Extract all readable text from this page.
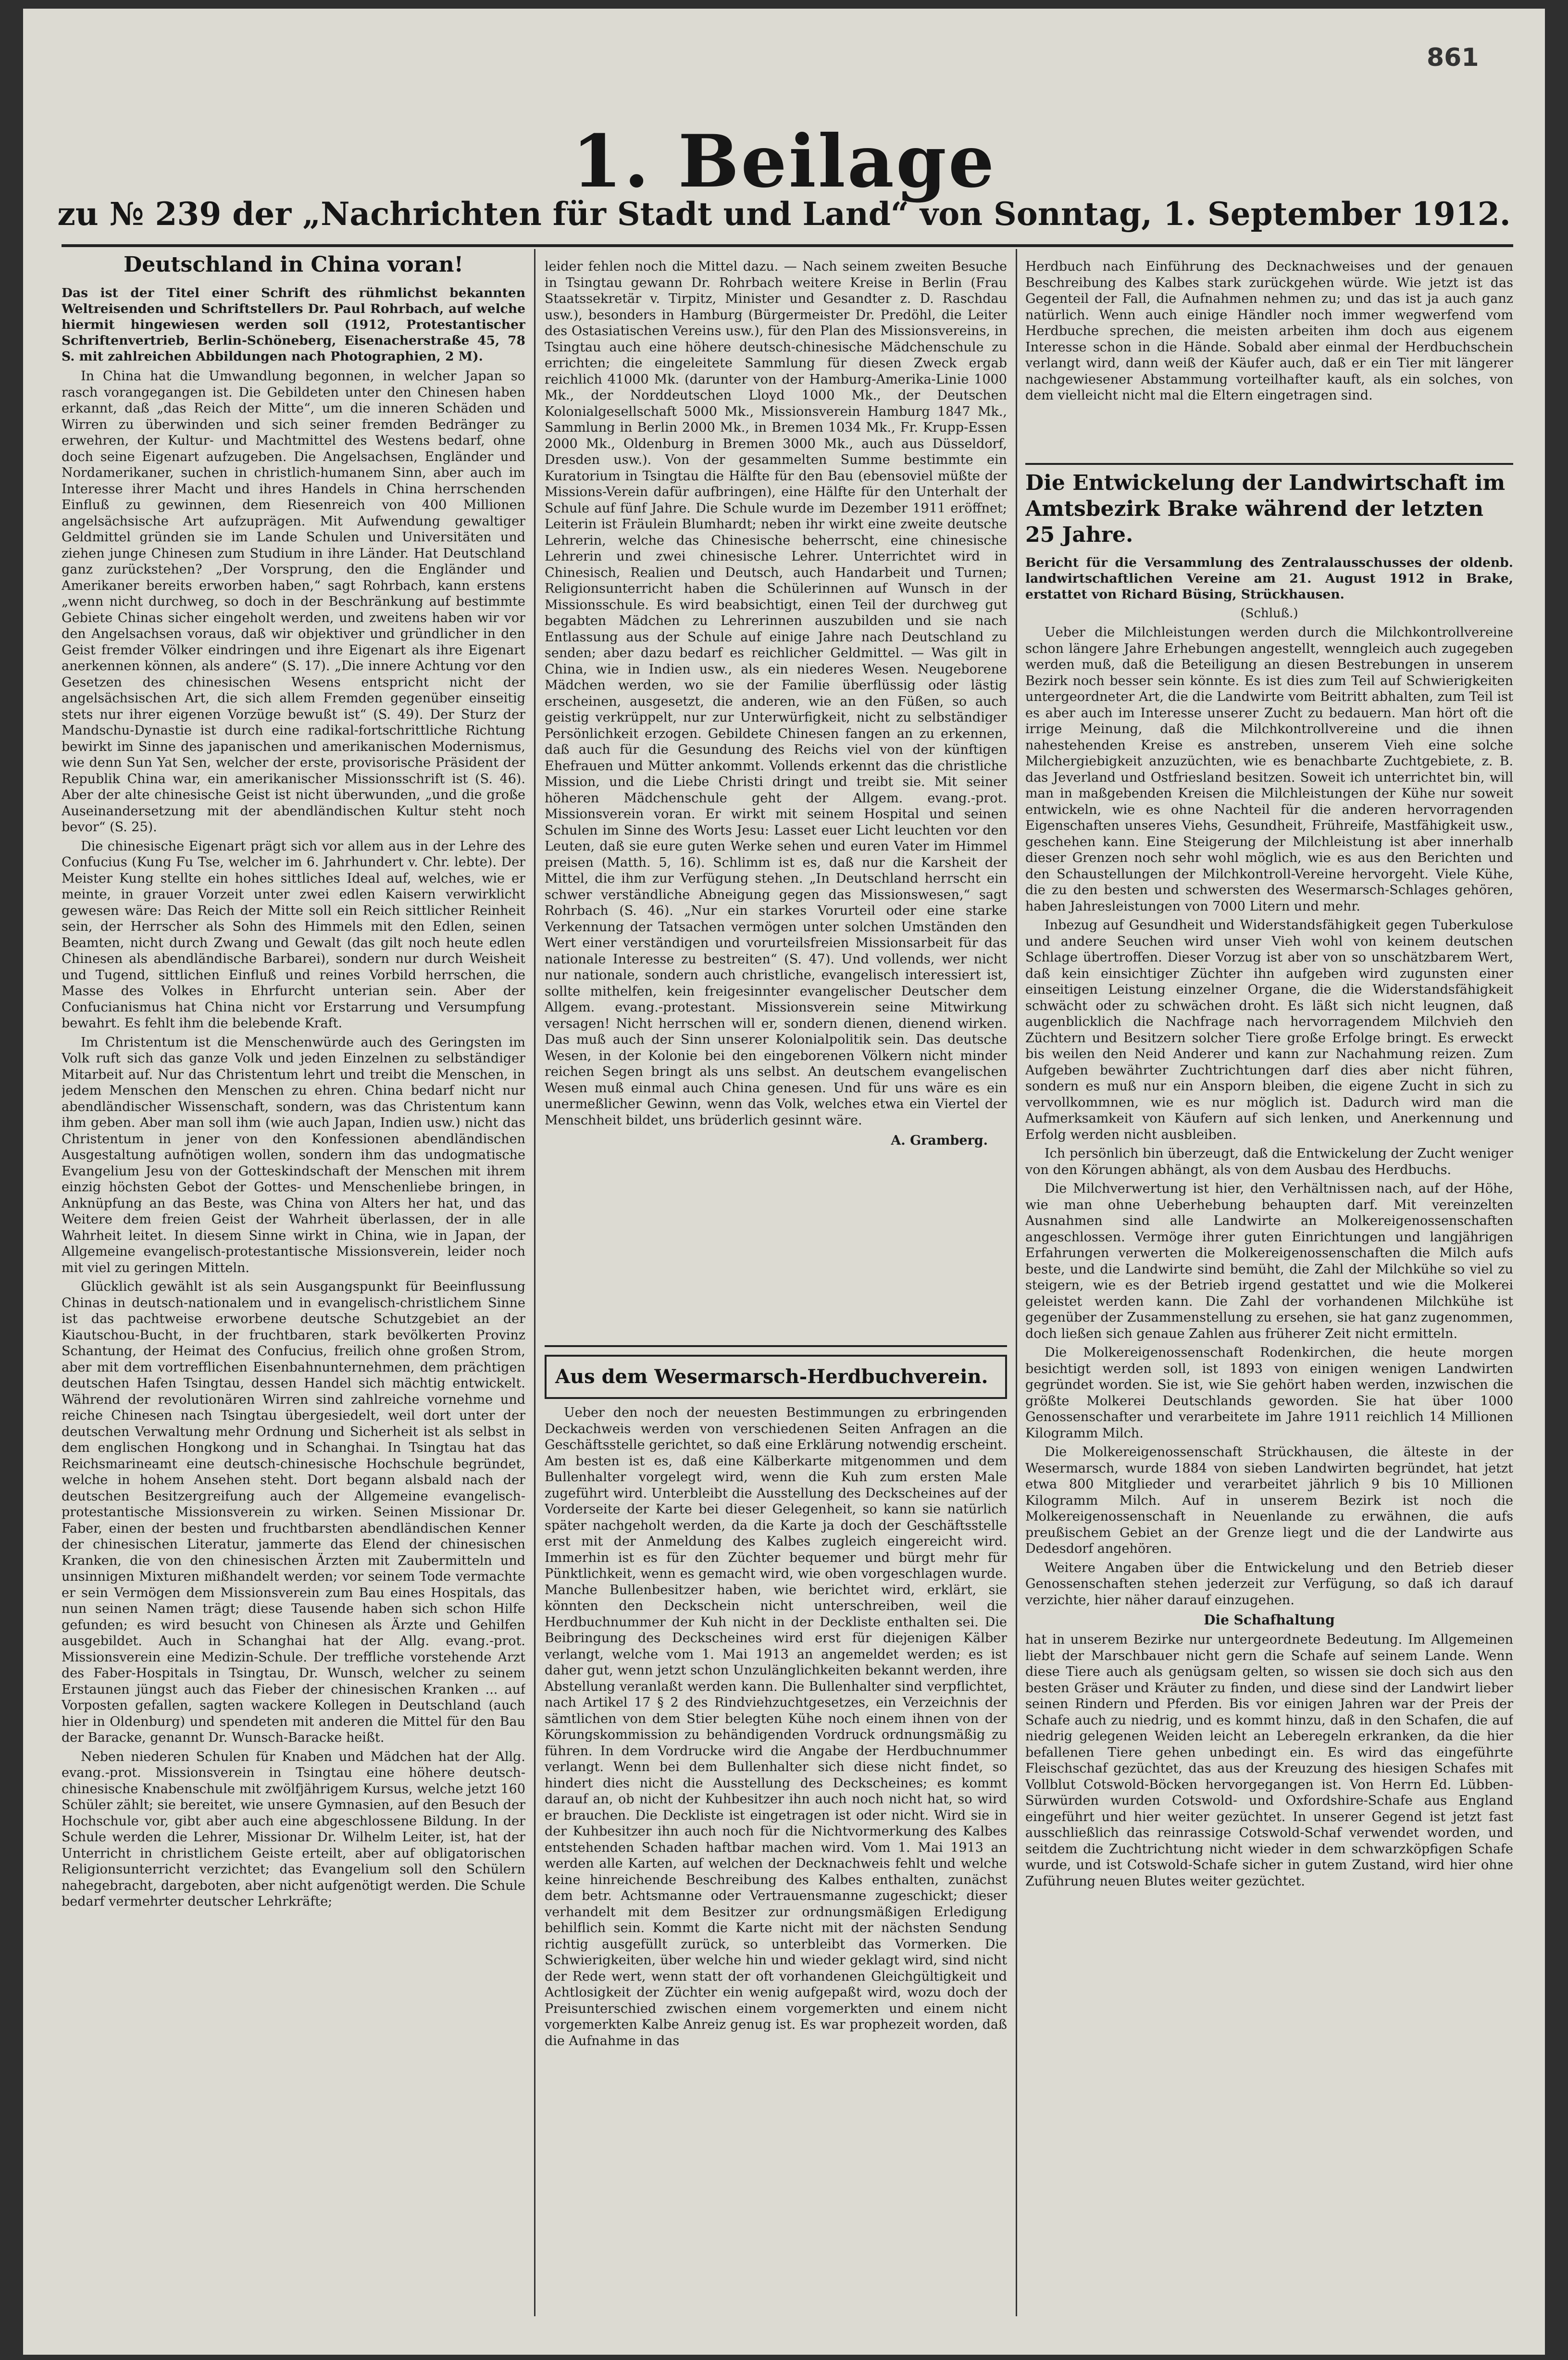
861
1. Beilage
zu № 239 der „Nachrichten für Stadt und Land“ von Sonntag, 1. September 1912.
Deutschland in China voran!
Das ist der Titel einer Schrift des rühmlichst bekannten Weltreisenden und Schriftstellers Dr. Paul Rohrbach, auf welche hiermit hingewiesen werden soll (1912, Protestantischer Schriftenvertrieb, Berlin-Schöneberg, Eisenacherstraße 45, 78 S. mit zahlreichen Abbildungen nach Photographien, 2 M).
In China hat die Umwandlung begonnen, in welcher Japan so rasch vorangegangen ist. Die Gebildeten unter den Chinesen haben erkannt, daß „das Reich der Mitte“, um die inneren Schäden und Wirren zu überwinden und sich seiner fremden Bedränger zu erwehren, der Kultur- und Machtmittel des Westens bedarf, ohne doch seine Eigenart aufzugeben. Die Angelsachsen, Engländer und Nordamerikaner, suchen in christlich-humanem Sinn, aber auch im Interesse ihrer Macht und ihres Handels in China herrschenden Einfluß zu gewinnen, dem Riesenreich von 400 Millionen angelsächsische Art aufzuprägen. Mit Aufwendung gewaltiger Geldmittel gründen sie im Lande Schulen und Universitäten und ziehen junge Chinesen zum Studium in ihre Länder. Hat Deutschland ganz zurückstehen? „Der Vorsprung, den die Engländer und Amerikaner bereits erworben haben,“ sagt Rohrbach, kann erstens „wenn nicht durchweg, so doch in der Beschränkung auf bestimmte Gebiete Chinas sicher eingeholt werden, und zweitens haben wir vor den Angelsachsen voraus, daß wir objektiver und gründlicher in den Geist fremder Völker eindringen und ihre Eigenart als ihre Eigenart anerkennen können, als andere“ (S. 17). „Die innere Achtung vor den Gesetzen des chinesischen Wesens entspricht nicht der angelsächsischen Art, die sich allem Fremden gegenüber einseitig stets nur ihrer eigenen Vorzüge bewußt ist“ (S. 49). Der Sturz der Mandschu-Dynastie ist durch eine radikal-fortschrittliche Richtung bewirkt im Sinne des japanischen und amerikanischen Modernismus, wie denn Sun Yat Sen, welcher der erste, provisorische Präsident der Republik China war, ein amerikanischer Missionsschrift ist (S. 46). Aber der alte chinesische Geist ist nicht überwunden, „und die große Auseinandersetzung mit der abendländischen Kultur steht noch bevor“ (S. 25).
Die chinesische Eigenart prägt sich vor allem aus in der Lehre des Confucius (Kung Fu Tse, welcher im 6. Jahrhundert v. Chr. lebte). Der Meister Kung stellte ein hohes sittliches Ideal auf, welches, wie er meinte, in grauer Vorzeit unter zwei edlen Kaisern verwirklicht gewesen wäre: Das Reich der Mitte soll ein Reich sittlicher Reinheit sein, der Herrscher als Sohn des Himmels mit den Edlen, seinen Beamten, nicht durch Zwang und Gewalt (das gilt noch heute edlen Chinesen als abendländische Barbarei), sondern nur durch Weisheit und Tugend, sittlichen Einfluß und reines Vorbild herrschen, die Masse des Volkes in Ehrfurcht unterian sein. Aber der Confucianismus hat China nicht vor Erstarrung und Versumpfung bewahrt. Es fehlt ihm die belebende Kraft.
Im Christentum ist die Menschenwürde auch des Geringsten im Volk ruft sich das ganze Volk und jeden Einzelnen zu selbständiger Mitarbeit auf. Nur das Christentum lehrt und treibt die Menschen, in jedem Menschen den Menschen zu ehren. China bedarf nicht nur abendländischer Wissenschaft, sondern, was das Christentum kann ihm geben. Aber man soll ihm (wie auch Japan, Indien usw.) nicht das Christentum in jener von den Konfessionen abendländischen Ausgestaltung aufnötigen wollen, sondern ihm das undogmatische Evangelium Jesu von der Gotteskindschaft der Menschen mit ihrem einzig höchsten Gebot der Gottes- und Menschenliebe bringen, in Anknüpfung an das Beste, was China von Alters her hat, und das Weitere dem freien Geist der Wahrheit überlassen, der in alle Wahrheit leitet. In diesem Sinne wirkt in China, wie in Japan, der Allgemeine evangelisch-protestantische Missionsverein, leider noch mit viel zu geringen Mitteln.
Glücklich gewählt ist als sein Ausgangspunkt für Beeinflussung Chinas in deutsch-nationalem und in evangelisch-christlichem Sinne ist das pachtweise erworbene deutsche Schutzgebiet an der Kiautschou-Bucht, in der fruchtbaren, stark bevölkerten Provinz Schantung, der Heimat des Confucius, freilich ohne großen Strom, aber mit dem vortrefflichen Eisenbahnunternehmen, dem prächtigen deutschen Hafen Tsingtau, dessen Handel sich mächtig entwickelt. Während der revolutionären Wirren sind zahlreiche vornehme und reiche Chinesen nach Tsingtau übergesiedelt, weil dort unter der deutschen Verwaltung mehr Ordnung und Sicherheit ist als selbst in dem englischen Hongkong und in Schanghai. In Tsingtau hat das Reichsmarineamt eine deutsch-chinesische Hochschule begründet, welche in hohem Ansehen steht. Dort begann alsbald nach der deutschen Besitzergreifung auch der Allgemeine evangelisch-protestantische Missionsverein zu wirken. Seinen Missionar Dr. Faber, einen der besten und fruchtbarsten abendländischen Kenner der chinesischen Literatur, jammerte das Elend der chinesischen Kranken, die von den chinesischen Ärzten mit Zaubermitteln und unsinnigen Mixturen mißhandelt werden; vor seinem Tode vermachte er sein Vermögen dem Missionsverein zum Bau eines Hospitals, das nun seinen Namen trägt; diese Tausende haben sich schon Hilfe gefunden; es wird besucht von Chinesen als Ärzte und Gehilfen ausgebildet. Auch in Schanghai hat der Allg. evang.-prot. Missionsverein eine Medizin-Schule. Der treffliche vorstehende Arzt des Faber-Hospitals in Tsingtau, Dr. Wunsch, welcher zu seinem Erstaunen jüngst auch das Fieber der chinesischen Kranken ... auf Vorposten gefallen, sagten wackere Kollegen in Deutschland (auch hier in Oldenburg) und spendeten mit anderen die Mittel für den Bau der Baracke, genannt Dr. Wunsch-Baracke heißt.
Neben niederen Schulen für Knaben und Mädchen hat der Allg. evang.-prot. Missionsverein in Tsingtau eine höhere deutsch-chinesische Knabenschule mit zwölfjährigem Kursus, welche jetzt 160 Schüler zählt; sie bereitet, wie unsere Gymnasien, auf den Besuch der Hochschule vor, gibt aber auch eine abgeschlossene Bildung. In der Schule werden die Lehrer, Missionar Dr. Wilhelm Leiter, ist, hat der Unterricht in christlichem Geiste erteilt, aber auf obligatorischen Religionsunterricht verzichtet; das Evangelium soll den Schülern nahegebracht, dargeboten, aber nicht aufgenötigt werden. Die Schule bedarf vermehrter deutscher Lehrkräfte;
leider fehlen noch die Mittel dazu. — Nach seinem zweiten Besuche in Tsingtau gewann Dr. Rohrbach weitere Kreise in Berlin (Frau Staatssekretär v. Tirpitz, Minister und Gesandter z. D. Raschdau usw.), besonders in Hamburg (Bürgermeister Dr. Predöhl, die Leiter des Ostasiatischen Vereins usw.), für den Plan des Missionsvereins, in Tsingtau auch eine höhere deutsch-chinesische Mädchenschule zu errichten; die eingeleitete Sammlung für diesen Zweck ergab reichlich 41000 Mk. (darunter von der Hamburg-Amerika-Linie 1000 Mk., der Norddeutschen Lloyd 1000 Mk., der Deutschen Kolonialgesellschaft 5000 Mk., Missionsverein Hamburg 1847 Mk., Sammlung in Berlin 2000 Mk., in Bremen 1034 Mk., Fr. Krupp-Essen 2000 Mk., Oldenburg in Bremen 3000 Mk., auch aus Düsseldorf, Dresden usw.). Von der gesammelten Summe bestimmte ein Kuratorium in Tsingtau die Hälfte für den Bau (ebensoviel müßte der Missions-Verein dafür aufbringen), eine Hälfte für den Unterhalt der Schule auf fünf Jahre. Die Schule wurde im Dezember 1911 eröffnet; Leiterin ist Fräulein Blumhardt; neben ihr wirkt eine zweite deutsche Lehrerin, welche das Chinesische beherrscht, eine chinesische Lehrerin und zwei chinesische Lehrer. Unterrichtet wird in Chinesisch, Realien und Deutsch, auch Handarbeit und Turnen; Religionsunterricht haben die Schülerinnen auf Wunsch in der Missionsschule. Es wird beabsichtigt, einen Teil der durchweg gut begabten Mädchen zu Lehrerinnen auszubilden und sie nach Entlassung aus der Schule auf einige Jahre nach Deutschland zu senden; aber dazu bedarf es reichlicher Geldmittel. — Was gilt in China, wie in Indien usw., als ein niederes Wesen. Neugeborene Mädchen werden, wo sie der Familie überflüssig oder lästig erscheinen, ausgesetzt, die anderen, wie an den Füßen, so auch geistig verkrüppelt, nur zur Unterwürfigkeit, nicht zu selbständiger Persönlichkeit erzogen. Gebildete Chinesen fangen an zu erkennen, daß auch für die Gesundung des Reichs viel von der künftigen Ehefrauen und Mütter ankommt. Vollends erkennt das die christliche Mission, und die Liebe Christi dringt und treibt sie. Mit seiner höheren Mädchenschule geht der Allgem. evang.-prot. Missionsverein voran. Er wirkt mit seinem Hospital und seinen Schulen im Sinne des Worts Jesu: Lasset euer Licht leuchten vor den Leuten, daß sie eure guten Werke sehen und euren Vater im Himmel preisen (Matth. 5, 16). Schlimm ist es, daß nur die Karsheit der Mittel, die ihm zur Verfügung stehen. „In Deutschland herrscht ein schwer verständliche Abneigung gegen das Missionswesen,“ sagt Rohrbach (S. 46). „Nur ein starkes Vorurteil oder eine starke Verkennung der Tatsachen vermögen unter solchen Umständen den Wert einer verständigen und vorurteilsfreien Missionsarbeit für das nationale Interesse zu bestreiten“ (S. 47). Und vollends, wer nicht nur nationale, sondern auch christliche, evangelisch interessiert ist, sollte mithelfen, kein freigesinnter evangelischer Deutscher dem Allgem. evang.-protestant. Missionsverein seine Mitwirkung versagen! Nicht herrschen will er, sondern dienen, dienend wirken. Das muß auch der Sinn unserer Kolonialpolitik sein. Das deutsche Wesen, in der Kolonie bei den eingeborenen Völkern nicht minder reichen Segen bringt als uns selbst. An deutschem evangelischen Wesen muß einmal auch China genesen. Und für uns wäre es ein unermeßlicher Gewinn, wenn das Volk, welches etwa ein Viertel der Menschheit bildet, uns brüderlich gesinnt wäre.
A. Gramberg.
Aus dem Wesermarsch-Herdbuchverein.
Ueber den noch der neuesten Bestimmungen zu erbringenden Deckachweis werden von verschiedenen Seiten Anfragen an die Geschäftsstelle gerichtet, so daß eine Erklärung notwendig erscheint. Am besten ist es, daß eine Kälberkarte mitgenommen und dem Bullenhalter vorgelegt wird, wenn die Kuh zum ersten Male zugeführt wird. Unterbleibt die Ausstellung des Deckscheines auf der Vorderseite der Karte bei dieser Gelegenheit, so kann sie natürlich später nachgeholt werden, da die Karte ja doch der Geschäftsstelle erst mit der Anmeldung des Kalbes zugleich eingereicht wird. Immerhin ist es für den Züchter bequemer und bürgt mehr für Pünktlichkeit, wenn es gemacht wird, wie oben vorgeschlagen wurde. Manche Bullenbesitzer haben, wie berichtet wird, erklärt, sie könnten den Deckschein nicht unterschreiben, weil die Herdbuchnummer der Kuh nicht in der Deckliste enthalten sei. Die Beibringung des Deckscheines wird erst für diejenigen Kälber verlangt, welche vom 1. Mai 1913 an angemeldet werden; es ist daher gut, wenn jetzt schon Unzulänglichkeiten bekannt werden, ihre Abstellung veranlaßt werden kann. Die Bullenhalter sind verpflichtet, nach Artikel 17 § 2 des Rindviehzuchtgesetzes, ein Verzeichnis der sämtlichen von dem Stier belegten Kühe noch einem ihnen von der Körungskommission zu behändigenden Vordruck ordnungsmäßig zu führen. In dem Vordrucke wird die Angabe der Herdbuchnummer verlangt. Wenn bei dem Bullenhalter sich diese nicht findet, so hindert dies nicht die Ausstellung des Deckscheines; es kommt darauf an, ob nicht der Kuhbesitzer ihn auch noch nicht hat, so wird er brauchen. Die Deckliste ist eingetragen ist oder nicht. Wird sie in der Kuhbesitzer ihn auch noch für die Nichtvormerkung des Kalbes entstehenden Schaden haftbar machen wird. Vom 1. Mai 1913 an werden alle Karten, auf welchen der Decknachweis fehlt und welche keine hinreichende Beschreibung des Kalbes enthalten, zunächst dem betr. Achtsmanne oder Vertrauensmanne zugeschickt; dieser verhandelt mit dem Besitzer zur ordnungsmäßigen Erledigung behilflich sein. Kommt die Karte nicht mit der nächsten Sendung richtig ausgefüllt zurück, so unterbleibt das Vormerken. Die Schwierigkeiten, über welche hin und wieder geklagt wird, sind nicht der Rede wert, wenn statt der oft vorhandenen Gleichgültigkeit und Achtlosigkeit der Züchter ein wenig aufgepaßt wird, wozu doch der Preisunterschied zwischen einem vorgemerkten und einem nicht vorgemerkten Kalbe Anreiz genug ist. Es war prophezeit worden, daß die Aufnahme in das
Herdbuch nach Einführung des Decknachweises und der genauen Beschreibung des Kalbes stark zurückgehen würde. Wie jetzt ist das Gegenteil der Fall, die Aufnahmen nehmen zu; und das ist ja auch ganz natürlich. Wenn auch einige Händler noch immer wegwerfend vom Herdbuche sprechen, die meisten arbeiten ihm doch aus eigenem Interesse schon in die Hände. Sobald aber einmal der Herdbuchschein verlangt wird, dann weiß der Käufer auch, daß er ein Tier mit längerer nachgewiesener Abstammung vorteilhafter kauft, als ein solches, von dem vielleicht nicht mal die Eltern eingetragen sind.
Die Entwickelung der Landwirtschaft im Amtsbezirk Brake während der letzten 25 Jahre.
Bericht für die Versammlung des Zentralausschusses der oldenb. landwirtschaftlichen Vereine am 21. August 1912 in Brake, erstattet von Richard Büsing, Strückhausen.
(Schluß.)
Ueber die Milchleistungen werden durch die Milchkontrollvereine schon längere Jahre Erhebungen angestellt, wenngleich auch zugegeben werden muß, daß die Beteiligung an diesen Bestrebungen in unserem Bezirk noch besser sein könnte. Es ist dies zum Teil auf Schwierigkeiten untergeordneter Art, die die Landwirte vom Beitritt abhalten, zum Teil ist es aber auch im Interesse unserer Zucht zu bedauern. Man hört oft die irrige Meinung, daß die Milchkontrollvereine und die ihnen nahestehenden Kreise es anstreben, unserem Vieh eine solche Milchergiebigkeit anzuzüchten, wie es benachbarte Zuchtgebiete, z. B. das Jeverland und Ostfriesland besitzen. Soweit ich unterrichtet bin, will man in maßgebenden Kreisen die Milchleistungen der Kühe nur soweit entwickeln, wie es ohne Nachteil für die anderen hervorragenden Eigenschaften unseres Viehs, Gesundheit, Frühreife, Mastfähigkeit usw., geschehen kann. Eine Steigerung der Milchleistung ist aber innerhalb dieser Grenzen noch sehr wohl möglich, wie es aus den Berichten und den Schaustellungen der Milchkontroll-Vereine hervorgeht. Viele Kühe, die zu den besten und schwersten des Wesermarsch-Schlages gehören, haben Jahresleistungen von 7000 Litern und mehr.
Inbezug auf Gesundheit und Widerstandsfähigkeit gegen Tuberkulose und andere Seuchen wird unser Vieh wohl von keinem deutschen Schlage übertroffen. Dieser Vorzug ist aber von so unschätzbarem Wert, daß kein einsichtiger Züchter ihn aufgeben wird zugunsten einer einseitigen Leistung einzelner Organe, die die Widerstandsfähigkeit schwächt oder zu schwächen droht. Es läßt sich nicht leugnen, daß augenblicklich die Nachfrage nach hervorragendem Milchvieh den Züchtern und Besitzern solcher Tiere große Erfolge bringt. Es erweckt bis weilen den Neid Anderer und kann zur Nachahmung reizen. Zum Aufgeben bewährter Zuchtrichtungen darf dies aber nicht führen, sondern es muß nur ein Ansporn bleiben, die eigene Zucht in sich zu vervollkommnen, wie es nur möglich ist. Dadurch wird man die Aufmerksamkeit von Käufern auf sich lenken, und Anerkennung und Erfolg werden nicht ausbleiben.
Ich persönlich bin überzeugt, daß die Entwickelung der Zucht weniger von den Körungen abhängt, als von dem Ausbau des Herdbuchs.
Die Milchverwertung ist hier, den Verhältnissen nach, auf der Höhe, wie man ohne Ueberhebung behaupten darf. Mit vereinzelten Ausnahmen sind alle Landwirte an Molkereigenossenschaften angeschlossen. Vermöge ihrer guten Einrichtungen und langjährigen Erfahrungen verwerten die Molkereigenossenschaften die Milch aufs beste, und die Landwirte sind bemüht, die Zahl der Milchkühe so viel zu steigern, wie es der Betrieb irgend gestattet und wie die Molkerei geleistet werden kann. Die Zahl der vorhandenen Milchkühe ist gegenüber der Zusammenstellung zu ersehen, sie hat ganz zugenommen, doch ließen sich genaue Zahlen aus früherer Zeit nicht ermitteln.
Die Molkereigenossenschaft Rodenkirchen, die heute morgen besichtigt werden soll, ist 1893 von einigen wenigen Landwirten gegründet worden. Sie ist, wie Sie gehört haben werden, inzwischen die größte Molkerei Deutschlands geworden. Sie hat über 1000 Genossenschafter und verarbeitete im Jahre 1911 reichlich 14 Millionen Kilogramm Milch.
Die Molkereigenossenschaft Strückhausen, die älteste in der Wesermarsch, wurde 1884 von sieben Landwirten begründet, hat jetzt etwa 800 Mitglieder und verarbeitet jährlich 9 bis 10 Millionen Kilogramm Milch. Auf in unserem Bezirk ist noch die Molkereigenossenschaft in Neuenlande zu erwähnen, die aufs preußischem Gebiet an der Grenze liegt und die der Landwirte aus Dedesdorf angehören.
Weitere Angaben über die Entwickelung und den Betrieb dieser Genossenschaften stehen jederzeit zur Verfügung, so daß ich darauf verzichte, hier näher darauf einzugehen.
Die Schafhaltung
hat in unserem Bezirke nur untergeordnete Bedeutung. Im Allgemeinen liebt der Marschbauer nicht gern die Schafe auf seinem Lande. Wenn diese Tiere auch als genügsam gelten, so wissen sie doch sich aus den besten Gräser und Kräuter zu finden, und diese sind der Landwirt lieber seinen Rindern und Pferden. Bis vor einigen Jahren war der Preis der Schafe auch zu niedrig, und es kommt hinzu, daß in den Schafen, die auf niedrig gelegenen Weiden leicht an Leberegeln erkranken, da die hier befallenen Tiere gehen unbedingt ein. Es wird das eingeführte Fleischschaf gezüchtet, das aus der Kreuzung des hiesigen Schafes mit Vollblut Cotswold-Böcken hervorgegangen ist. Von Herrn Ed. Lübben-Sürwürden wurden Cotswold- und Oxfordshire-Schafe aus England eingeführt und hier weiter gezüchtet. In unserer Gegend ist jetzt fast ausschließlich das reinrassige Cotswold-Schaf verwendet worden, und seitdem die Zuchtrichtung nicht wieder in dem schwarzköpfigen Schafe wurde, und ist Cotswold-Schafe sicher in gutem Zustand, wird hier ohne Zuführung neuen Blutes weiter gezüchtet.
